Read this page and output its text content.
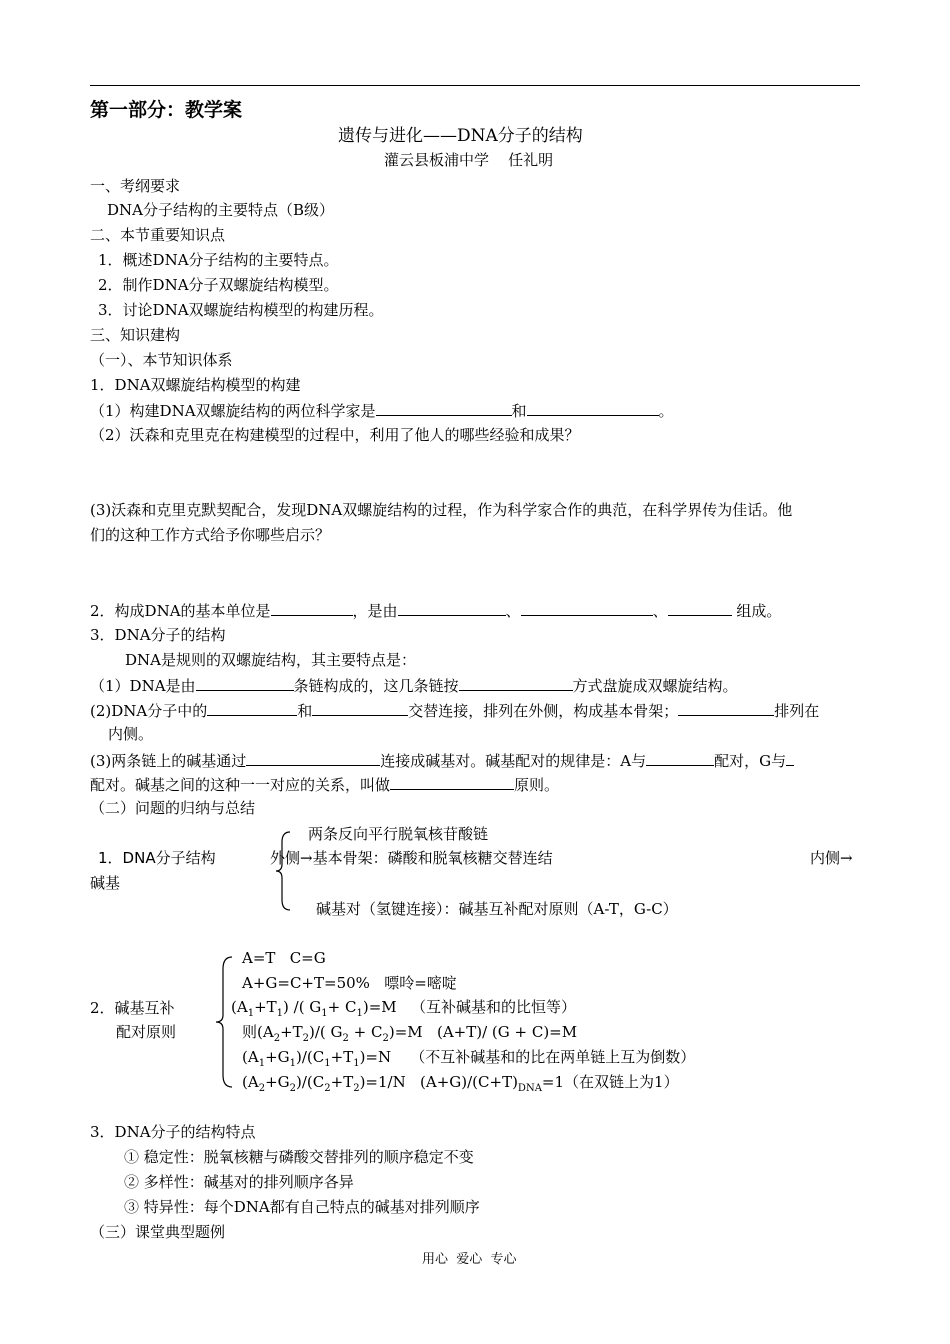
第一部分：教学案
遗传与进化——DNA分子的结构
灌云县板浦中学    任礼明
一、考纲要求
DNA分子结构的主要特点（B级）
二、本节重要知识点
1．概述DNA分子结构的主要特点。
2．制作DNA分子双螺旋结构模型。
3．讨论DNA双螺旋结构模型的构建历程。
三、知识建构
（一）、本节知识体系
1．DNA双螺旋结构模型的构建
（1）构建DNA双螺旋结构的两位科学家是	和	。
（2）沃森和克里克在构建模型的过程中，利用了他人的哪些经验和成果？
(3)沃森和克里克默契配合，发现DNA双螺旋结构的过程，作为科学家合作的典范，在科学界传为佳话。他
们的这种工作方式给予你哪些启示？
2．构成DNA的基本单位是	，是由	、	、	组成。
3．DNA分子的结构
DNA是规则的双螺旋结构，其主要特点是：
（1）DNA是由	条链构成的，这几条链按	方式盘旋成双螺旋结构。
(2)DNA分子中的	和	交替连接，排列在外侧，构成基本骨架；	排列在
内侧。
(3)两条链上的碱基通过	连接成碱基对。碱基配对的规律是：A与	配对，G与
配对。碱基之间的这种一一对应的关系，叫做	原则。
（二）问题的归纳与总结
两条反向平行脱氧核苷酸链
1．DNA分子结构	外侧→基本骨架：磷酸和脱氧核糖交替连结	内侧→
碱基
碱基对（氢键连接）：碱基互补配对原则（A-T，G-C）
2．碱基互补
配对原则
A=T   C=G
A+G=C+T=50%   嘌呤=嘧啶
$(A_1+T_1)$ /( $G_1+ C_1)=M$   （互补碱基和的比恒等）
则$(A_2+T_2)/$( $G_2 + C_2)=M$   (A+T)/ (G + C)=M
$(A_1+G_1)/(C_1+T_1)=N$    （不互补碱基和的比在两单链上互为倒数）
$(A_2+G_2)/(C_2+T_2)=1/N$   $(A+G)/(C+T)_{DNA}=1$（在双链上为1）
3．DNA分子的结构特点
① 稳定性：脱氧核糖与磷酸交替排列的顺序稳定不变
② 多样性：碱基对的排列顺序各异
③ 特异性：每个DNA都有自己特点的碱基对排列顺序
（三）课堂典型题例
用心  爱心  专心
